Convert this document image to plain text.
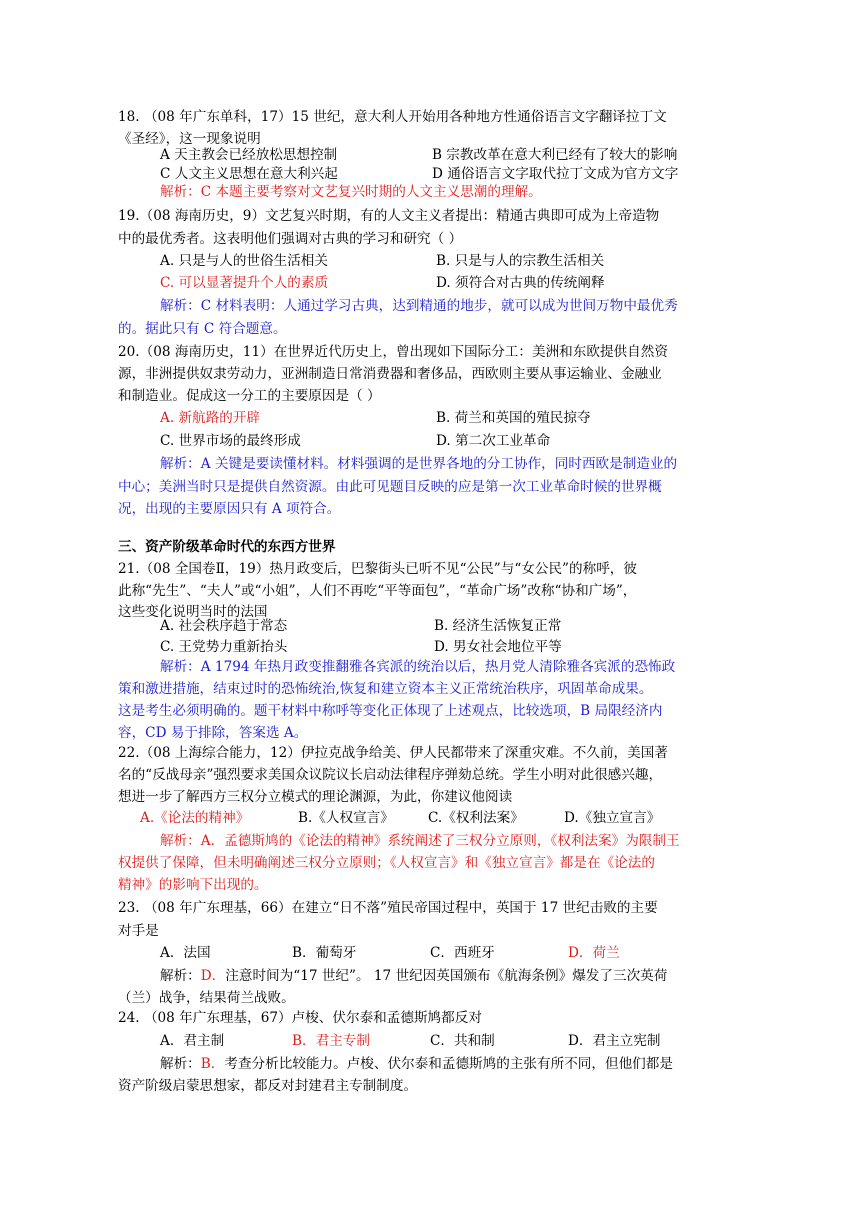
18. （08 年广东单科，17）15 世纪，意大利人开始用各种地方性通俗语言文字翻译拉丁文
《圣经》，这一现象说明
A 天主教会已经放松思想控制	B 宗教改革在意大利已经有了较大的影响
C 人文主义思想在意大利兴起	D 通俗语言文字取代拉丁文成为官方文字
解析：C 本题主要考察对文艺复兴时期的人文主义思潮的理解。
19.（08 海南历史，9）文艺复兴时期，有的人文主义者提出：精通古典即可成为上帝造物
中的最优秀者。这表明他们强调对古典的学习和研究（ ）
A. 只是与人的世俗生活相关	B. 只是与人的宗教生活相关
C. 可以显著提升个人的素质	D. 须符合对古典的传统阐释
解析：C 材料表明：人通过学习古典，达到精通的地步，就可以成为世间万物中最优秀
的。据此只有 C 符合题意。
20.（08 海南历史，11）在世界近代历史上，曾出现如下国际分工：美洲和东欧提供自然资
源，非洲提供奴隶劳动力，亚洲制造日常消费器和奢侈品，西欧则主要从事运输业、金融业
和制造业。促成这一分工的主要原因是（ ）
A. 新航路的开辟	B. 荷兰和英国的殖民掠夺
C. 世界市场的最终形成	D. 第二次工业革命
解析：A 关键是要读懂材料。材料强调的是世界各地的分工协作，同时西欧是制造业的
中心；美洲当时只是提供自然资源。由此可见题目反映的应是第一次工业革命时候的世界概
况，出现的主要原因只有 A 项符合。
三、资产阶级革命时代的东西方世界
21.（08 全国卷Ⅱ，19）热月政变后，巴黎街头已听不见“公民”与“女公民”的称呼，彼
此称“先生”、“夫人”或“小姐”，人们不再吃“平等面包”，“革命广场”改称“协和广场”，
这些变化说明当时的法国
A. 社会秩序趋于常态	B. 经济生活恢复正常
C. 王党势力重新抬头	D. 男女社会地位平等
解析：A 1794 年热月政变推翻雅各宾派的统治以后，热月党人清除雅各宾派的恐怖政
策和激进措施，结束过时的恐怖统治,恢复和建立资本主义正常统治秩序，巩固革命成果。
这是考生必须明确的。题干材料中称呼等变化正体现了上述观点，比较选项，B 局限经济内
容，CD 易于排除，答案选 A。
22.（08 上海综合能力，12）伊拉克战争给美、伊人民都带来了深重灾难。不久前，美国著
名的“反战母亲”强烈要求美国众议院议长启动法律程序弹劾总统。学生小明对此很感兴趣，
想进一步了解西方三权分立模式的理论渊源，为此，你建议他阅读
A.《论法的精神》	B.《人权宣言》	C.《权利法案》	D.《独立宣言》
解析：A．孟德斯鸠的《论法的精神》系统阐述了三权分立原则，《权利法案》为限制王
权提供了保障，但未明确阐述三权分立原则；《人权宣言》和《独立宣言》都是在《论法的
精神》的影响下出现的。
23. （08 年广东理基，66）在建立“日不落”殖民帝国过程中，英国于 17 世纪击败的主要
对手是
A．法国	B．葡萄牙	C．西班牙	D．荷兰
解析：D．注意时间为“17 世纪”。 17 世纪因英国颁布《航海条例》爆发了三次英荷
（兰）战争，结果荷兰战败。
24. （08 年广东理基，67）卢梭、伏尔泰和孟德斯鸠都反对
A．君主制	B．君主专制	C．共和制	D．君主立宪制
解析：B．考查分析比较能力。卢梭、伏尔泰和孟德斯鸠的主张有所不同，但他们都是
资产阶级启蒙思想家，都反对封建君主专制制度。
